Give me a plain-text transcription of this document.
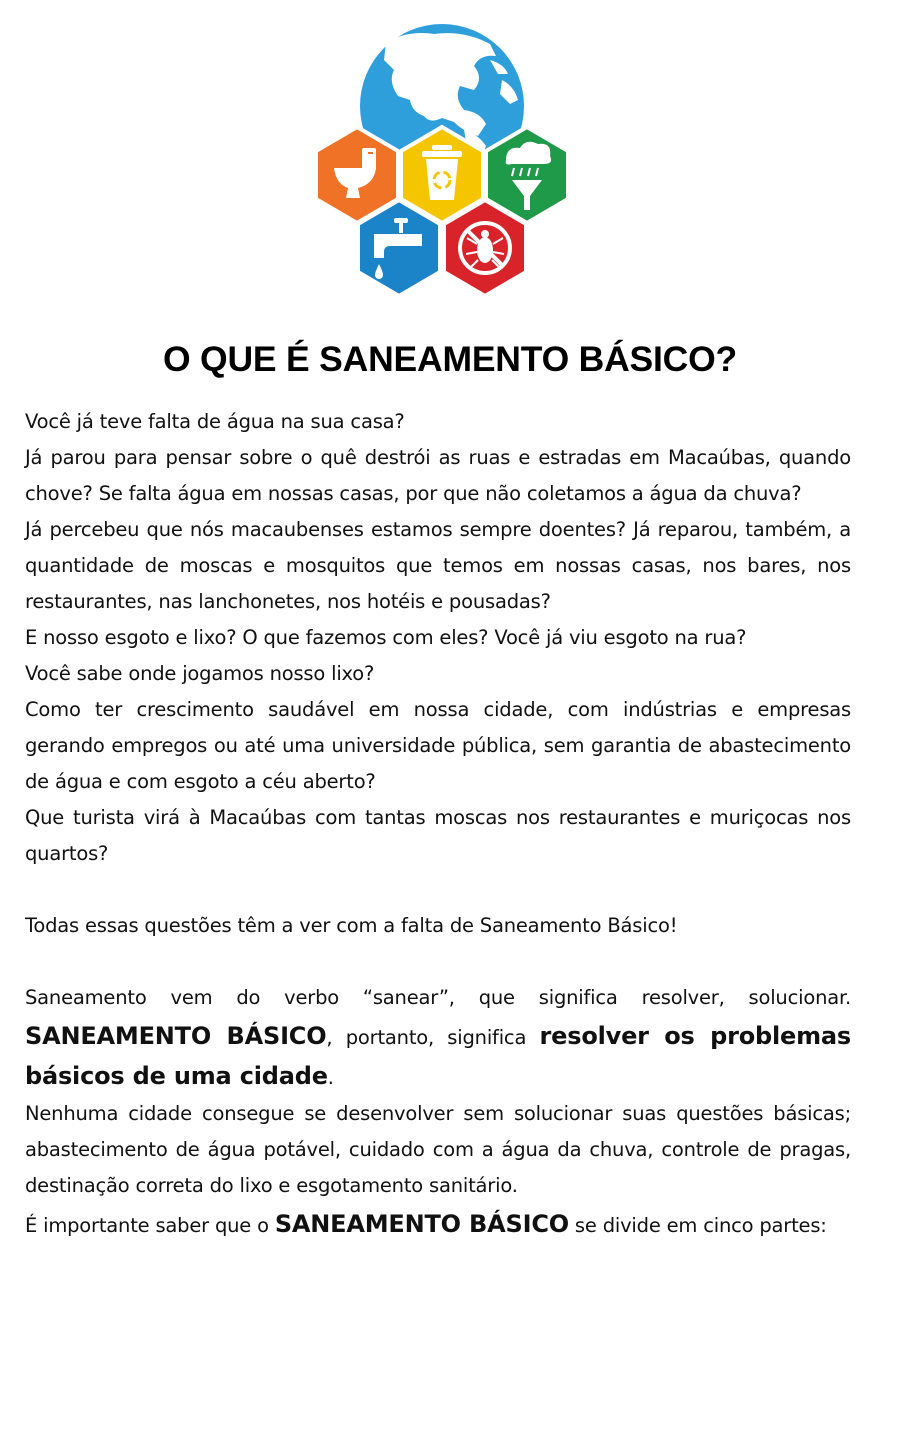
O QUE É SANEAMENTO BÁSICO?

Você já teve falta de água na sua casa?

Já parou para pensar sobre o quê destrói as ruas e estradas em Macaúbas, quando chove? Se falta água em nossas casas, por que não coletamos a água da chuva?

Já percebeu que nós macaubenses estamos sempre doentes? Já reparou, também, a quantidade de moscas e mosquitos que temos em nossas casas, nos bares, nos restaurantes, nas lanchonetes, nos hotéis e pousadas?

E nosso esgoto e lixo? O que fazemos com eles? Você já viu esgoto na rua?

Você sabe onde jogamos nosso lixo?

Como ter crescimento saudável em nossa cidade, com indústrias e empresas gerando empregos ou até uma universidade pública, sem garantia de abastecimento de água e com esgoto a céu aberto?

Que turista virá à Macaúbas com tantas moscas nos restaurantes e muriçocas nos quartos?

Todas essas questões têm a ver com a falta de Saneamento Básico!

Saneamento vem do verbo “sanear”, que significa resolver, solucionar. SANEAMENTO BÁSICO, portanto, significa resolver os problemas básicos de uma cidade.

Nenhuma cidade consegue se desenvolver sem solucionar suas questões básicas; abastecimento de água potável, cuidado com a água da chuva, controle de pragas, destinação correta do lixo e esgotamento sanitário.

É importante saber que o SANEAMENTO BÁSICO se divide em cinco partes:
